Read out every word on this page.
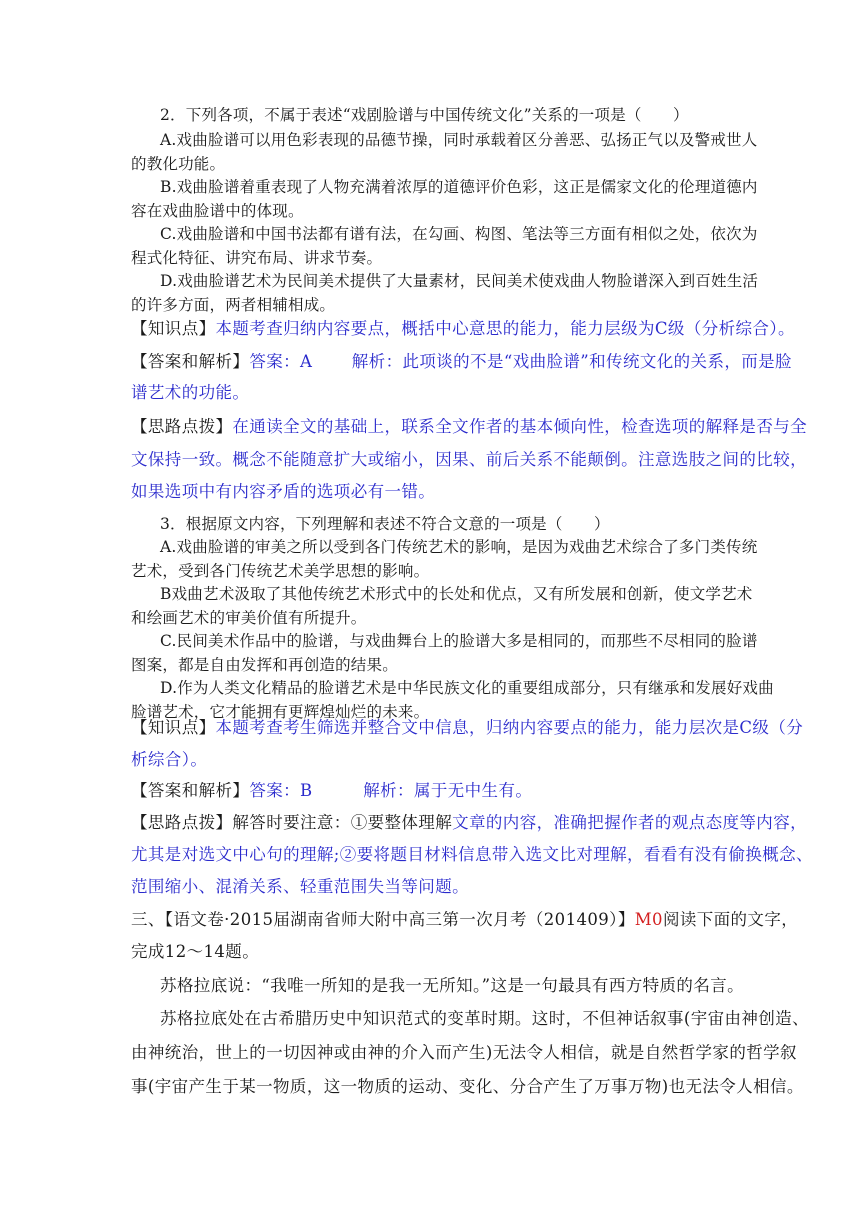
2．下列各项，不属于表述“戏剧脸谱与中国传统文化”关系的一项是（　　）
A.戏曲脸谱可以用色彩表现的品德节操，同时承载着区分善恶、弘扬正气以及警戒世人
的教化功能。
B.戏曲脸谱着重表现了人物充满着浓厚的道德评价色彩，这正是儒家文化的伦理道德内
容在戏曲脸谱中的体现。
C.戏曲脸谱和中国书法都有谱有法，在勾画、构图、笔法等三方面有相似之处，依次为
程式化特征、讲究布局、讲求节奏。
D.戏曲脸谱艺术为民间美术提供了大量素材，民间美术使戏曲人物脸谱深入到百姓生活
的许多方面，两者相辅相成。
【知识点】本题考查归纳内容要点，概括中心意思的能力，能力层级为C级（分析综合）。
【答案和解析】答案：A　　 解析：此项谈的不是“戏曲脸谱”和传统文化的关系，而是脸
谱艺术的功能。
【思路点拨】在通读全文的基础上，联系全文作者的基本倾向性，检查选项的解释是否与全
文保持一致。概念不能随意扩大或缩小，因果、前后关系不能颠倒。注意选肢之间的比较，
如果选项中有内容矛盾的选项必有一错。
3．根据原文内容，下列理解和表述不符合文意的一项是（　　）
A.戏曲脸谱的审美之所以受到各门传统艺术的影响，是因为戏曲艺术综合了多门类传统
艺术，受到各门传统艺术美学思想的影响。
B戏曲艺术汲取了其他传统艺术形式中的长处和优点，又有所发展和创新，使文学艺术
和绘画艺术的审美价值有所提升。
C.民间美术作品中的脸谱，与戏曲舞台上的脸谱大多是相同的，而那些不尽相同的脸谱
图案，都是自由发挥和再创造的结果。
D.作为人类文化精品的脸谱艺术是中华民族文化的重要组成部分，只有继承和发展好戏曲
脸谱艺术，它才能拥有更辉煌灿烂的未来。
【知识点】本题考查考生筛选并整合文中信息，归纳内容要点的能力，能力层次是C级（分
析综合）。
【答案和解析】答案：B　　　解析：属于无中生有。
【思路点拨】解答时要注意：①要整体理解文章的内容，准确把握作者的观点态度等内容，
尤其是对选文中心句的理解;②要将题目材料信息带入选文比对理解，看看有没有偷换概念、
范围缩小、混淆关系、轻重范围失当等问题。
三、【语文卷·2015届湖南省师大附中高三第一次月考（201409）】M0阅读下面的文字，
完成12～14题。
苏格拉底说：“我唯一所知的是我一无所知。”这是一句最具有西方特质的名言。
苏格拉底处在古希腊历史中知识范式的变革时期。这时，不但神话叙事(宇宙由神创造、
由神统治，世上的一切因神或由神的介入而产生)无法令人相信，就是自然哲学家的哲学叙
事(宇宙产生于某一物质，这一物质的运动、变化、分合产生了万事万物)也无法令人相信。
